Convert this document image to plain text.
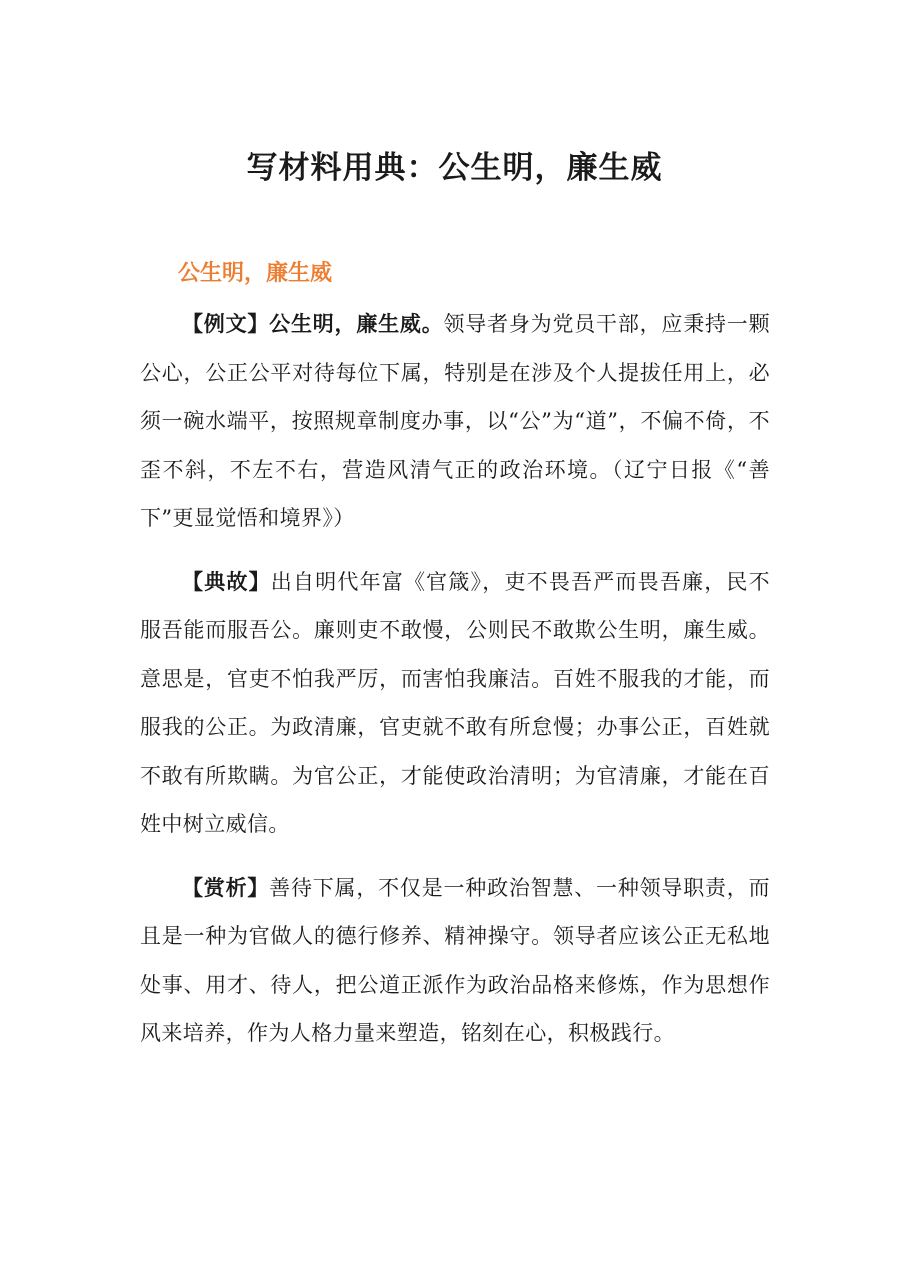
写材料用典：公生明，廉生威
公生明，廉生威

【例文】公生明，廉生威。领导者身为党员干部，应秉持一颗公心，公正公平对待每位下属，特别是在涉及个人提拔任用上，必须一碗水端平，按照规章制度办事，以“公”为“道”，不偏不倚，不歪不斜，不左不右，营造风清气正的政治环境。（辽宁日报《“善下”更显觉悟和境界》）

【典故】出自明代年富《官箴》，吏不畏吾严而畏吾廉，民不服吾能而服吾公。廉则吏不敢慢，公则民不敢欺公生明，廉生威。意思是，官吏不怕我严厉，而害怕我廉洁。百姓不服我的才能，而服我的公正。为政清廉，官吏就不敢有所怠慢；办事公正，百姓就不敢有所欺瞒。为官公正，才能使政治清明；为官清廉，才能在百姓中树立威信。

【赏析】善待下属，不仅是一种政治智慧、一种领导职责，而且是一种为官做人的德行修养、精神操守。领导者应该公正无私地处事、用才、待人，把公道正派作为政治品格来修炼，作为思想作风来培养，作为人格力量来塑造，铭刻在心，积极践行。
